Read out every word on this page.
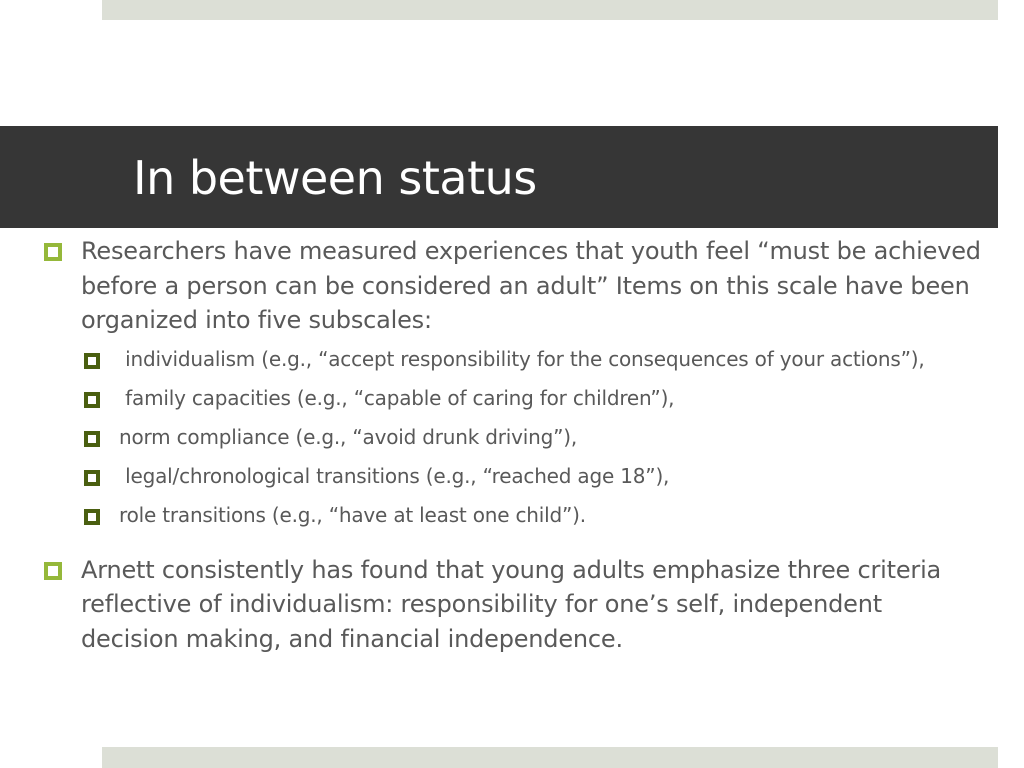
In between status
Researchers have measured experiences that youth feel “must be achieved before a person can be considered an adult” Items on this scale have been organized into five subscales:
individualism (e.g., “accept responsibility for the consequences of your actions”),
family capacities (e.g., “capable of caring for children”),
norm compliance (e.g., “avoid drunk driving”),
legal/chronological transitions (e.g., “reached age 18”),
role transitions (e.g., “have at least one child”).
Arnett consistently has found that young adults emphasize three criteria reflective of individualism: responsibility for one’s self, independent decision making, and financial independence.
